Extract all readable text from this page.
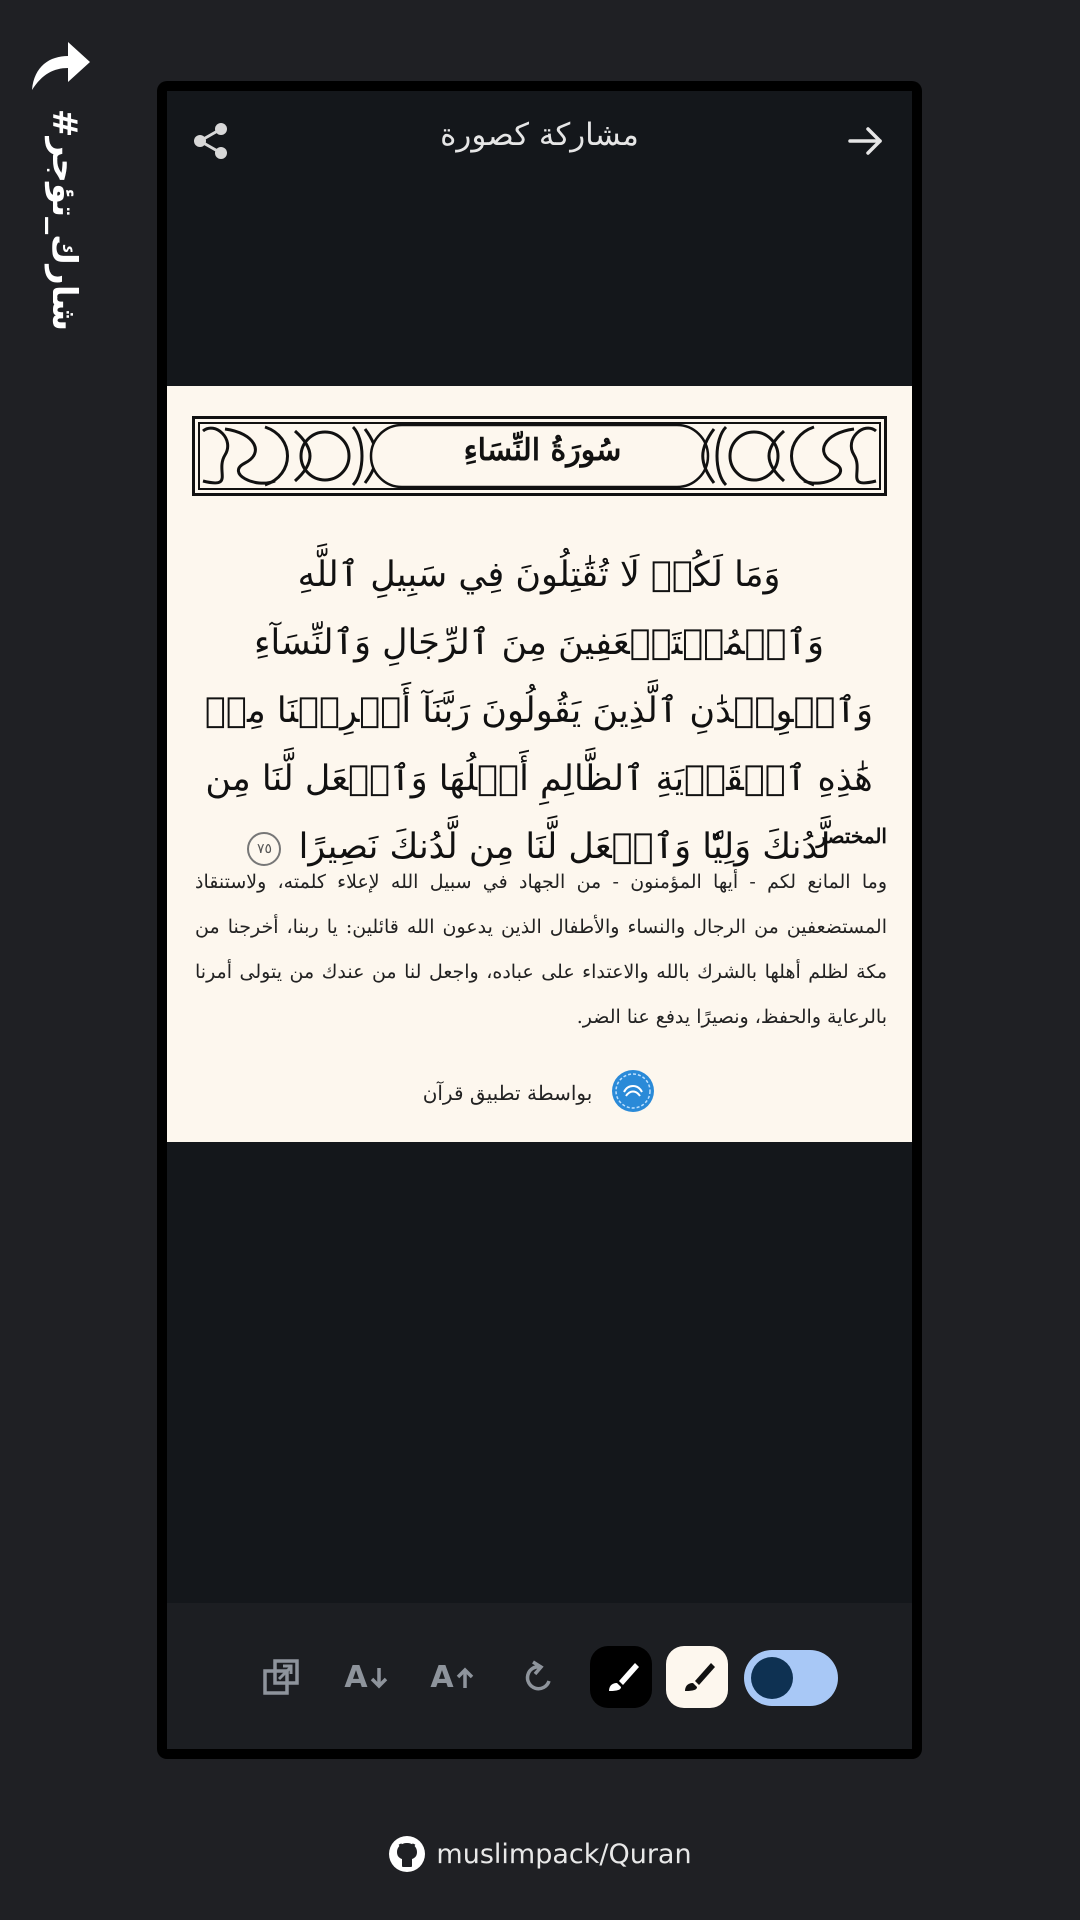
#شارك_تؤجر
مشاركة كصورة
سُورَةُ النِّسَاءِ
وَمَا لَكُمۡ لَا تُقَٰتِلُونَ فِي سَبِيلِ ٱللَّهِ وَٱلۡمُسۡتَضۡعَفِينَ مِنَ ٱلرِّجَالِ وَٱلنِّسَآءِ وَٱلۡوِلۡدَٰنِ ٱلَّذِينَ يَقُولُونَ رَبَّنَآ أَخۡرِجۡنَا مِنۡ هَٰذِهِ ٱلۡقَرۡيَةِ ٱلظَّالِمِ أَهۡلُهَا وَٱجۡعَل لَّنَا مِن لَّدُنكَ وَلِيّٗا وَٱجۡعَل لَّنَا مِن لَّدُنكَ نَصِيرًا ٧٥
المختصر
وما المانع لكم - أيها المؤمنون - من الجهاد في سبيل الله لإعلاء كلمته، ولاستنقاذ المستضعفين من الرجال والنساء والأطفال الذين يدعون الله قائلين: يا ربنا، أخرجنا من مكة لظلم أهلها بالشرك بالله والاعتداء على عباده، واجعل لنا من عندك من يتولى أمرنا بالرعاية والحفظ، ونصيرًا يدفع عنا الضر.
بواسطة تطبيق قرآن
A A
muslimpack/Quran
